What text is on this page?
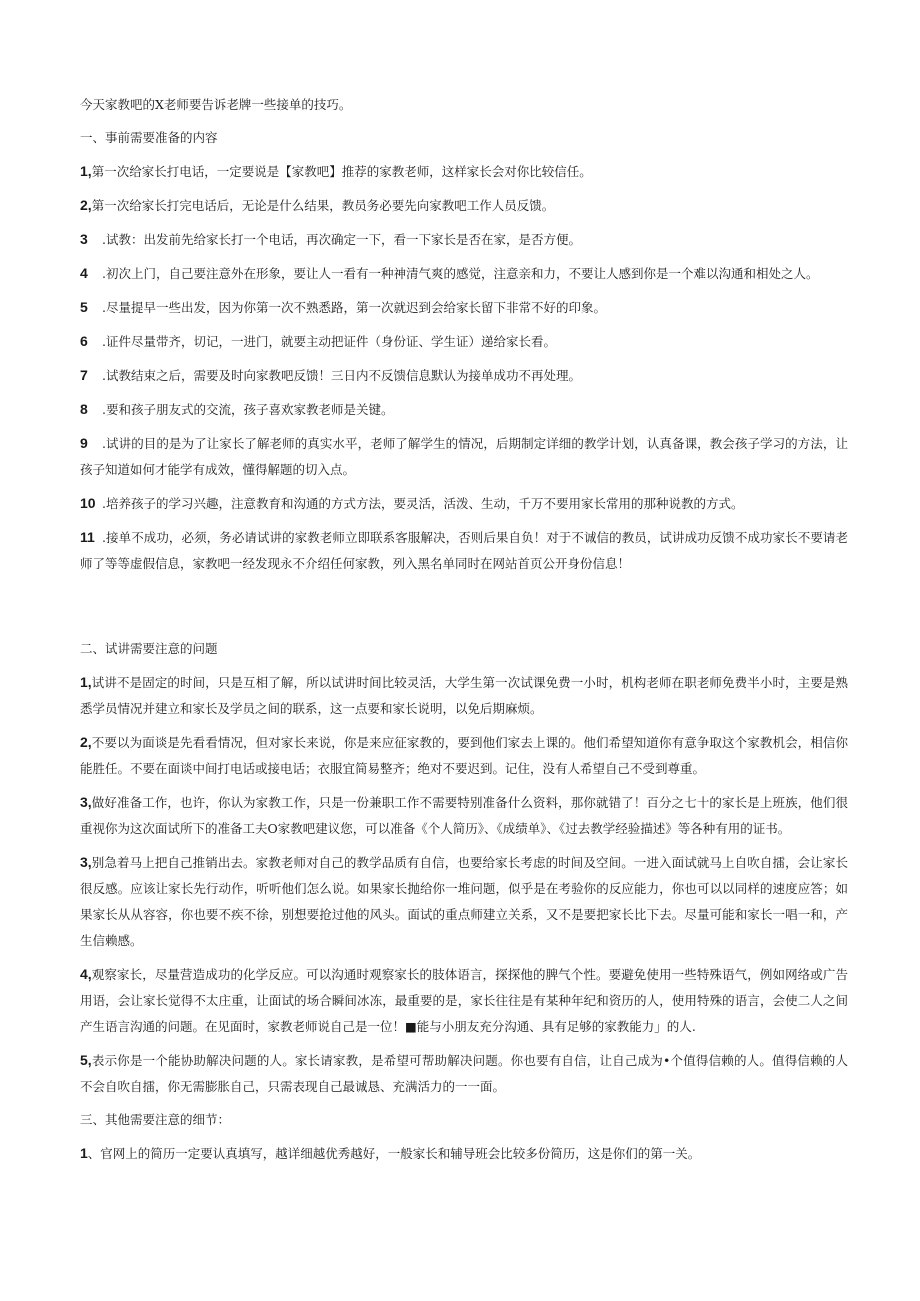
今天家教吧的X老师要告诉老牌一些接单的技巧。

一、事前需要准备的内容

1,第一次给家长打电话，一定要说是【家教吧】推荐的家教老师，这样家长会对你比较信任。

2,第一次给家长打完电话后，无论是什么结果，教员务必要先向家教吧工作人员反馈。

3 .试教：出发前先给家长打一个电话，再次确定一下，看一下家长是否在家，是否方便。

4 .初次上门，自己要注意外在形象，要让人一看有一种神清气爽的感觉，注意亲和力，不要让人感到你是一个难以沟通和相处之人。

5 .尽量提早一些出发，因为你第一次不熟悉路，第一次就迟到会给家长留下非常不好的印象。

6 .证件尽量带齐，切记，一进门，就要主动把证件（身份证、学生证）递给家长看。

7 .试教结束之后，需要及时向家教吧反馈！三日内不反馈信息默认为接单成功不再处理。

8 .要和孩子朋友式的交流，孩子喜欢家教老师是关键。

9 .试讲的目的是为了让家长了解老师的真实水平，老师了解学生的情况，后期制定详细的教学计划，认真备课，教会孩子学习的方法，让孩子知道如何才能学有成效，懂得解题的切入点。

10 .培养孩子的学习兴趣，注意教育和沟通的方式方法，要灵活，活泼、生动，千万不要用家长常用的那种说教的方式。

11 .接单不成功，必须，务必请试讲的家教老师立即联系客服解决，否则后果自负！对于不诚信的教员，试讲成功反馈不成功家长不要请老师了等等虚假信息，家教吧一经发现永不介绍任何家教，列入黑名单同时在网站首页公开身份信息！

二、试讲需要注意的问题

1,试讲不是固定的时间，只是互相了解，所以试讲时间比较灵活，大学生第一次试课免费一小时，机构老师在职老师免费半小时，主要是熟悉学员情况并建立和家长及学员之间的联系，这一点要和家长说明，以免后期麻烦。

2,不要以为面谈是先看看情况，但对家长来说，你是来应征家教的，要到他们家去上课的。他们希望知道你有意争取这个家教机会，相信你能胜任。不要在面谈中间打电话或接电话；衣服宜简易整齐；绝对不要迟到。记住，没有人希望自己不受到尊重。

3,做好准备工作，也许，你认为家教工作，只是一份兼职工作不需要特别准备什么资料，那你就错了！百分之七十的家长是上班族，他们很重视你为这次面试所下的准备工夫O家教吧建议您，可以准备《个人简历》、《成绩单》、《过去教学经验描述》等各种有用的证书。

3,别急着马上把自己推销出去。家教老师对自己的教学品质有自信，也要给家长考虑的时间及空间。一进入面试就马上自吹自擂，会让家长很反感。应该让家长先行动作，听听他们怎么说。如果家长抛给你一堆问题，似乎是在考验你的反应能力，你也可以以同样的速度应答；如果家长从从容容，你也要不疾不徐，别想要抢过他的风头。面试的重点师建立关系，又不是要把家长比下去。尽量可能和家长一唱一和，产生信赖感。

4,观察家长，尽量营造成功的化学反应。可以沟通时观察家长的肢体语言，探探他的脾气个性。要避免使用一些特殊语气，例如网络或广告用语，会让家长觉得不太庄重，让面试的场合瞬间冰冻，最重要的是，家长往往是有某种年纪和资历的人，使用特殊的语言，会使二人之间产生语言沟通的问题。在见面时，家教老师说自己是一位！■能与小朋友充分沟通、具有足够的家教能力」的人.

5,表示你是一个能协助解决问题的人。家长请家教，是希望可帮助解决问题。你也要有自信，让自己成为•个值得信赖的人。值得信赖的人不会自吹自擂，你无需膨胀自己，只需表现自己最诚恳、充满活力的一一面。

三、其他需要注意的细节：

1、官网上的简历一定要认真填写，越详细越优秀越好，一般家长和辅导班会比较多份简历，这是你们的第一关。
